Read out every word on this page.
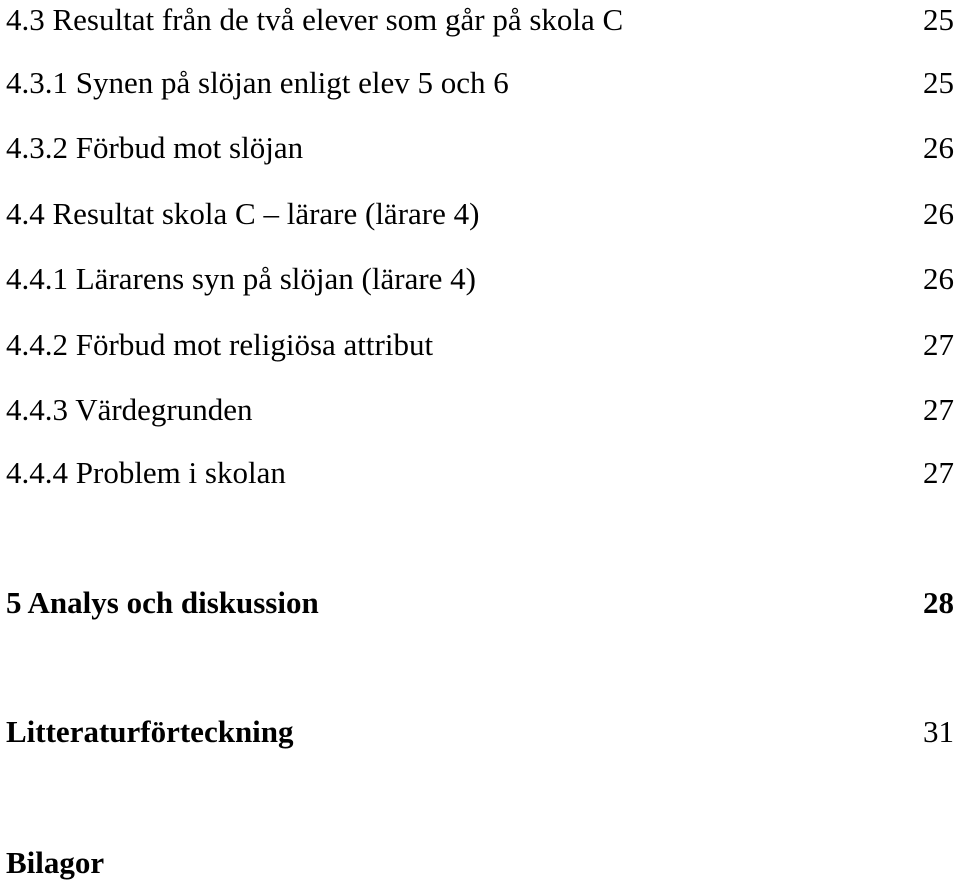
4.3 Resultat från de två elever som går på skola C	25
4.3.1 Synen på slöjan enligt elev 5 och 6	25
4.3.2 Förbud mot slöjan	26
4.4 Resultat skola C – lärare (lärare 4)	26
4.4.1 Lärarens syn på slöjan (lärare 4)	26
4.4.2 Förbud mot religiösa attribut	27
4.4.3 Värdegrunden	27
4.4.4 Problem i skolan	27
5 Analys och diskussion	28
Litteraturförteckning	31
Bilagor
